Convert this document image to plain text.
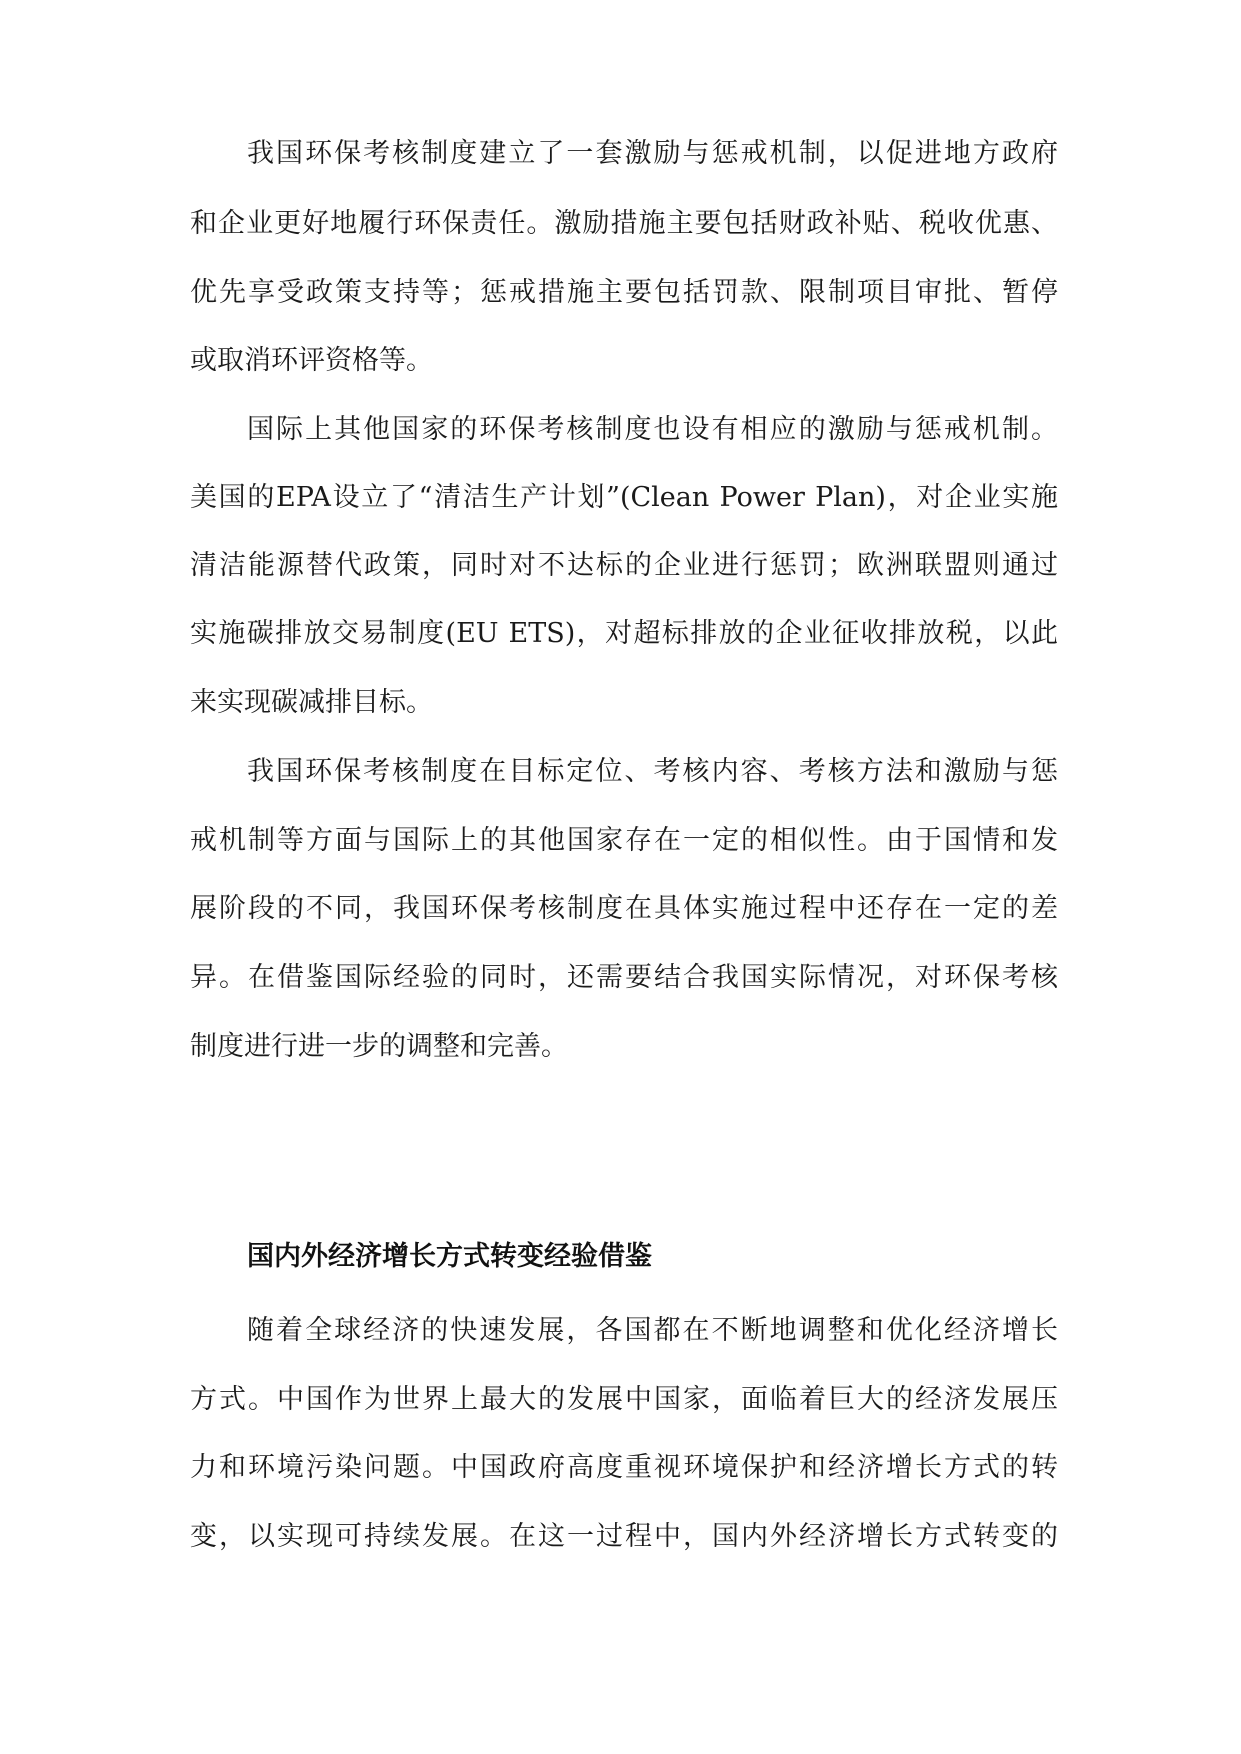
我国环保考核制度建立了一套激励与惩戒机制，以促进地方政府
和企业更好地履行环保责任。激励措施主要包括财政补贴、税收优惠、
优先享受政策支持等；惩戒措施主要包括罚款、限制项目审批、暂停
或取消环评资格等。
国际上其他国家的环保考核制度也设有相应的激励与惩戒机制。
美国的EPA设立了“清洁生产计划”(Clean Power Plan)，对企业实施
清洁能源替代政策，同时对不达标的企业进行惩罚；欧洲联盟则通过
实施碳排放交易制度(EU ETS)，对超标排放的企业征收排放税，以此
来实现碳减排目标。
我国环保考核制度在目标定位、考核内容、考核方法和激励与惩
戒机制等方面与国际上的其他国家存在一定的相似性。由于国情和发
展阶段的不同，我国环保考核制度在具体实施过程中还存在一定的差
异。在借鉴国际经验的同时，还需要结合我国实际情况，对环保考核
制度进行进一步的调整和完善。
国内外经济增长方式转变经验借鉴
随着全球经济的快速发展，各国都在不断地调整和优化经济增长
方式。中国作为世界上最大的发展中国家，面临着巨大的经济发展压
力和环境污染问题。中国政府高度重视环境保护和经济增长方式的转
变，以实现可持续发展。在这一过程中，国内外经济增长方式转变的
